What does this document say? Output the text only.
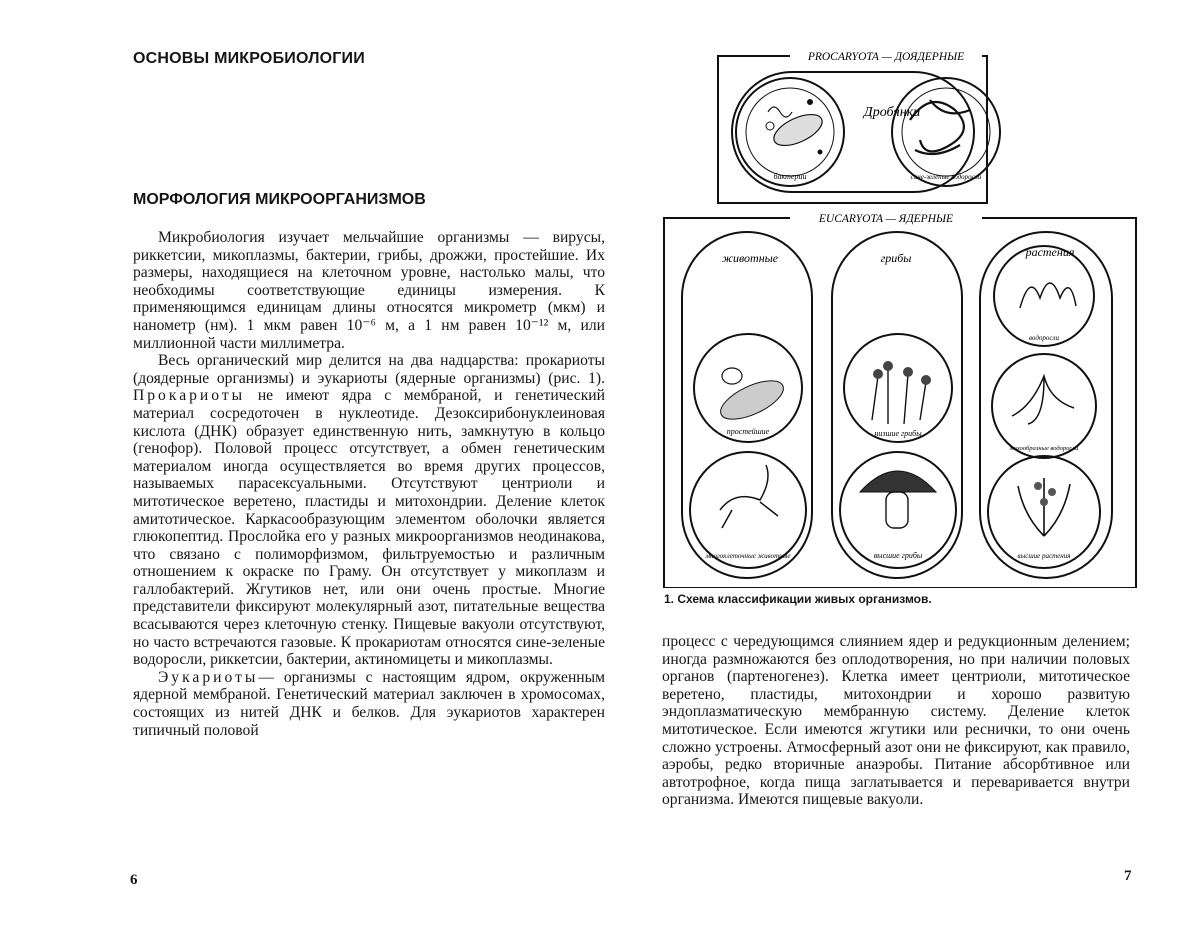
ОСНОВЫ МИКРОБИОЛОГИИ
МОРФОЛОГИЯ МИКРООРГАНИЗМОВ

Микробиология изучает мельчайшие организмы — вирусы, риккетсии, микоплазмы, бактерии, грибы, дрожжи, простейшие. Их размеры, находящиеся на клеточном уровне, настолько малы, что необходимы соответствующие единицы измерения. К применяющимся единицам длины относятся микрометр (мкм) и нанометр (нм). 1 мкм равен 10⁻⁶ м, а 1 нм равен 10⁻¹² м, или миллионной части миллиметра.

Весь органический мир делится на два надцарства: прокариоты (доядерные организмы) и эукариоты (ядерные организмы) (рис. 1). Прокариоты не имеют ядра с мембраной, и генетический материал сосредоточен в нуклеотиде. Дезоксирибонуклеиновая кислота (ДНК) образует единственную нить, замкнутую в кольцо (генофор). Половой процесс отсутствует, а обмен генетическим материалом иногда осуществляется во время других процессов, называемых парасексуальными. Отсутствуют центриоли и митотическое веретено, пластиды и митохондрии. Деление клеток амитотическое. Каркасообразующим элементом оболочки является глюкопептид. Прослойка его у разных микроорганизмов неодинакова, что связано с полиморфизмом, фильтруемостью и различным отношением к окраске по Граму. Он отсутствует у микоплазм и галлобактерий. Жгутиков нет, или они очень простые. Многие представители фиксируют молекулярный азот, питательные вещества всасываются через клеточную стенку. Пищевые вакуоли отсутствуют, но часто встречаются газовые. К прокариотам относятся сине-зеленые водоросли, риккетсии, бактерии, актиномицеты и микоплазмы.

Эукариоты— организмы с настоящим ядром, окруженным ядерной мембраной. Генетический материал заключен в хромосомах, состоящих из нитей ДНК и белков. Для эукариотов характерен типичный половой

процесс с чередующимся слиянием ядер и редукционным делением; иногда размножаются без оплодотворения, но при наличии половых органов (партеногенез). Клетка имеет центриоли, митотическое веретено, пластиды, митохондрии и хорошо развитую эндоплазматическую мембранную систему. Деление клеток митотическое. Если имеются жгутики или реснички, то они очень сложно устроены. Атмосферный азот они не фиксируют, как правило, аэробы, редко вторичные анаэробы. Питание абсорбтивное или автотрофное, когда пища заглатывается и переваривается внутри организма. Имеются пищевые вакуоли.

PROCARYOTA — ДОЯДЕРНЫЕ
Дробянки
бактерии	сине-зеленые водоросли
EUCARYOTA — ЯДЕРНЫЕ
животные
простейшие
многоклеточные животные
грибы
низшие грибы
высшие грибы
растения
водоросли
мохообразные водоросли
высшие растения
1. Схема классификации живых организмов.
6	7
